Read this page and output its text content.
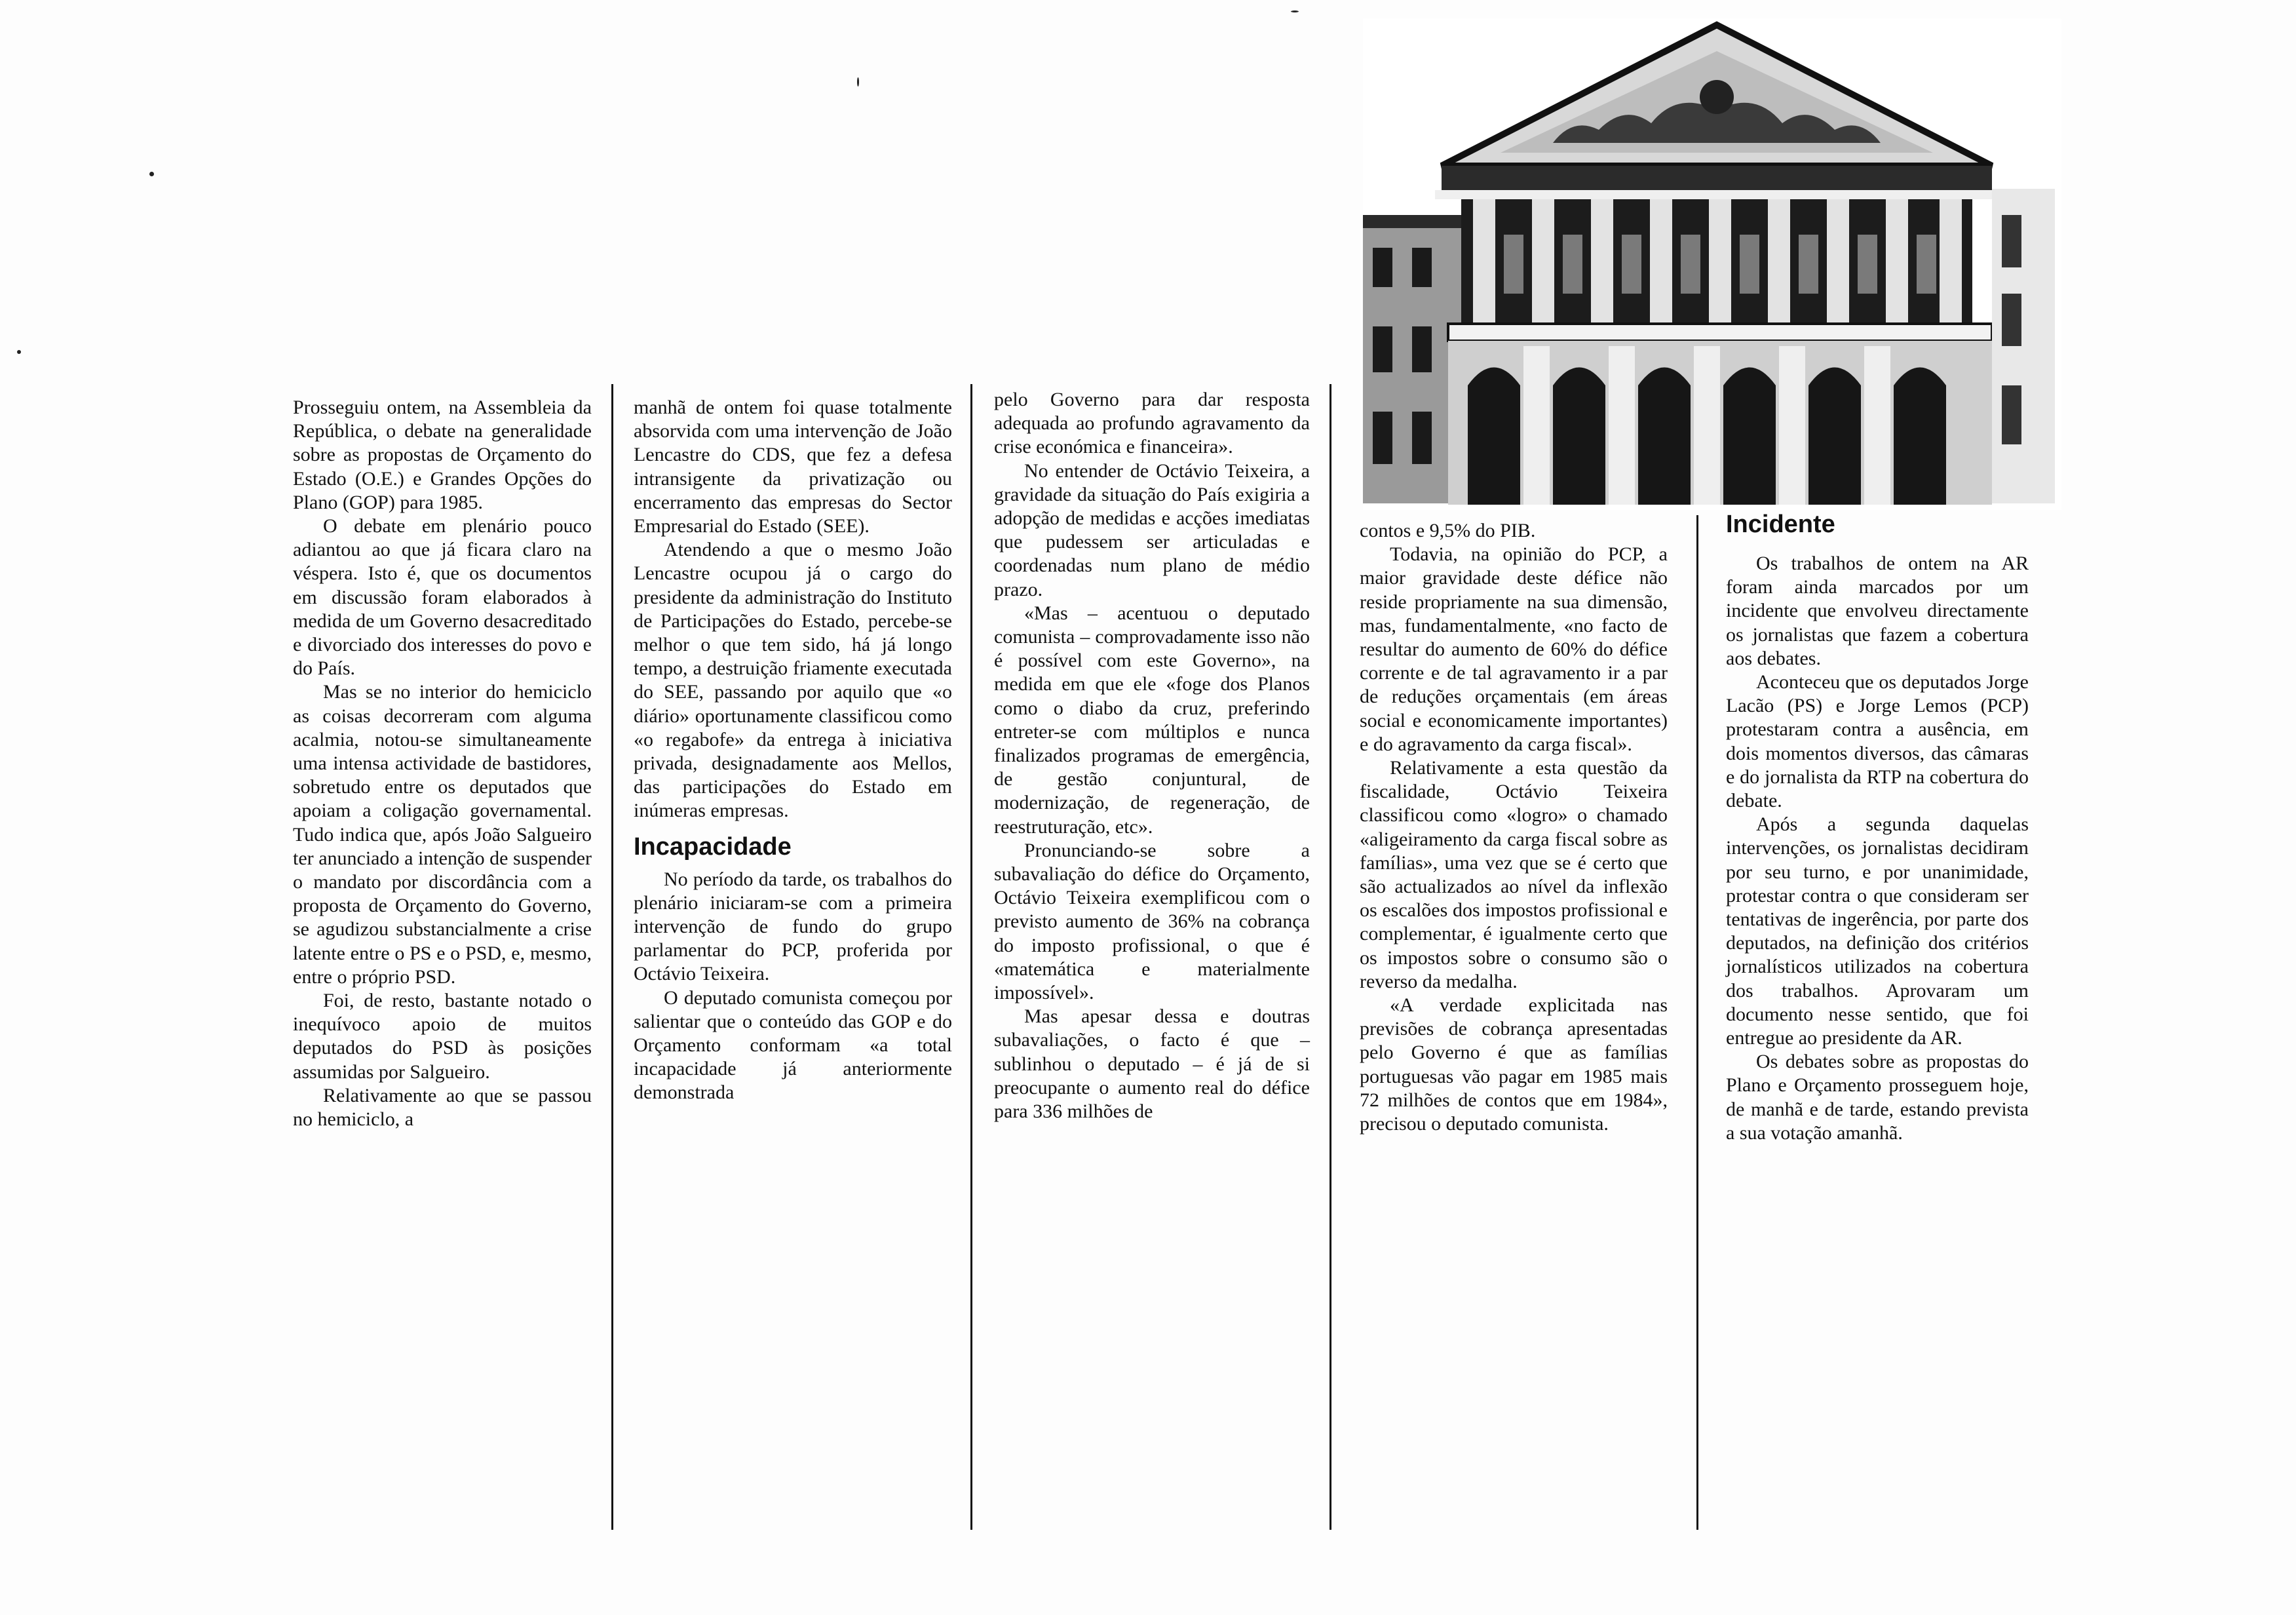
Prosseguiu ontem, na Assembleia da República, o debate na generalidade sobre as propostas de Orçamento do Estado (O.E.) e Grandes Opções do Plano (GOP) para 1985.

O debate em plenário pouco adiantou ao que já ficara claro na véspera. Isto é, que os documentos em discussão foram elaborados à medida de um Governo desacreditado e divorciado dos interesses do povo e do País.

Mas se no interior do hemiciclo as coisas decorreram com alguma acalmia, notou-se simultaneamente uma intensa actividade de bastidores, sobretudo entre os deputados que apoiam a coligação governamental. Tudo indica que, após João Salgueiro ter anunciado a intenção de suspender o mandato por discordância com a proposta de Orçamento do Governo, se agudizou substancialmente a crise latente entre o PS e o PSD, e, mesmo, entre o próprio PSD.

Foi, de resto, bastante notado o inequívoco apoio de muitos deputados do PSD às posições assumidas por Salgueiro.

Relativamente ao que se passou no hemiciclo, a

manhã de ontem foi quase totalmente absorvida com uma intervenção de João Lencastre do CDS, que fez a defesa intransigente da privatização ou encerramento das empresas do Sector Empresarial do Estado (SEE).

Atendendo a que o mesmo João Lencastre ocupou já o cargo do presidente da administração do Instituto de Participações do Estado, percebe-se melhor o que tem sido, há já longo tempo, a destruição friamente executada do SEE, passando por aquilo que «o diário» oportunamente classificou como «o regabofe» da entrega à iniciativa privada, designadamente aos Mellos, das participações do Estado em inúmeras empresas.

Incapacidade

No período da tarde, os trabalhos do plenário iniciaram-se com a primeira intervenção de fundo do grupo parlamentar do PCP, proferida por Octávio Teixeira.

O deputado comunista começou por salientar que o conteúdo das GOP e do Orçamento conformam «a total incapacidade já anteriormente demonstrada

pelo Governo para dar resposta adequada ao profundo agravamento da crise económica e financeira».

No entender de Octávio Teixeira, a gravidade da situação do País exigiria a adopção de medidas e acções imediatas que pudessem ser articuladas e coordenadas num plano de médio prazo.

«Mas – acentuou o deputado comunista – comprovadamente isso não é possível com este Governo», na medida em que ele «foge dos Planos como o diabo da cruz, preferindo entreter-se com múltiplos e nunca finalizados programas de emergência, de gestão conjuntural, de modernização, de regeneração, de reestruturação, etc».

Pronunciando-se sobre a subavaliação do défice do Orçamento, Octávio Teixeira exemplificou com o previsto aumento de 36% na cobrança do imposto profissional, o que é «matemática e materialmente impossível».

Mas apesar dessa e doutras subavaliações, o facto é que – sublinhou o deputado – é já de si preocupante o aumento real do défice para 336 milhões de

contos e 9,5% do PIB.

Todavia, na opinião do PCP, a maior gravidade deste défice não reside propriamente na sua dimensão, mas, fundamentalmente, «no facto de resultar do aumento de 60% do défice corrente e de tal agravamento ir a par de reduções orçamentais (em áreas social e economicamente importantes) e do agravamento da carga fiscal».

Relativamente a esta questão da fiscalidade, Octávio Teixeira classificou como «logro» o chamado «aligeiramento da carga fiscal sobre as famílias», uma vez que se é certo que são actualizados ao nível da inflexão os escalões dos impostos profissional e complementar, é igualmente certo que os impostos sobre o consumo são o reverso da medalha.

«A verdade explicitada nas previsões de cobrança apresentadas pelo Governo é que as famílias portuguesas vão pagar em 1985 mais 72 milhões de contos que em 1984», precisou o deputado comunista.

Incidente

Os trabalhos de ontem na AR foram ainda marcados por um incidente que envolveu directamente os jornalistas que fazem a cobertura aos debates.

Aconteceu que os deputados Jorge Lacão (PS) e Jorge Lemos (PCP) protestaram contra a ausência, em dois momentos diversos, das câmaras e do jornalista da RTP na cobertura do debate.

Após a segunda daquelas intervenções, os jornalistas decidiram por seu turno, e por unanimidade, protestar contra o que consideram ser tentativas de ingerência, por parte dos deputados, na definição dos critérios jornalísticos utilizados na cobertura dos trabalhos. Aprovaram um documento nesse sentido, que foi entregue ao presidente da AR.

Os debates sobre as propostas do Plano e Orçamento prosseguem hoje, de manhã e de tarde, estando prevista a sua votação amanhã.
